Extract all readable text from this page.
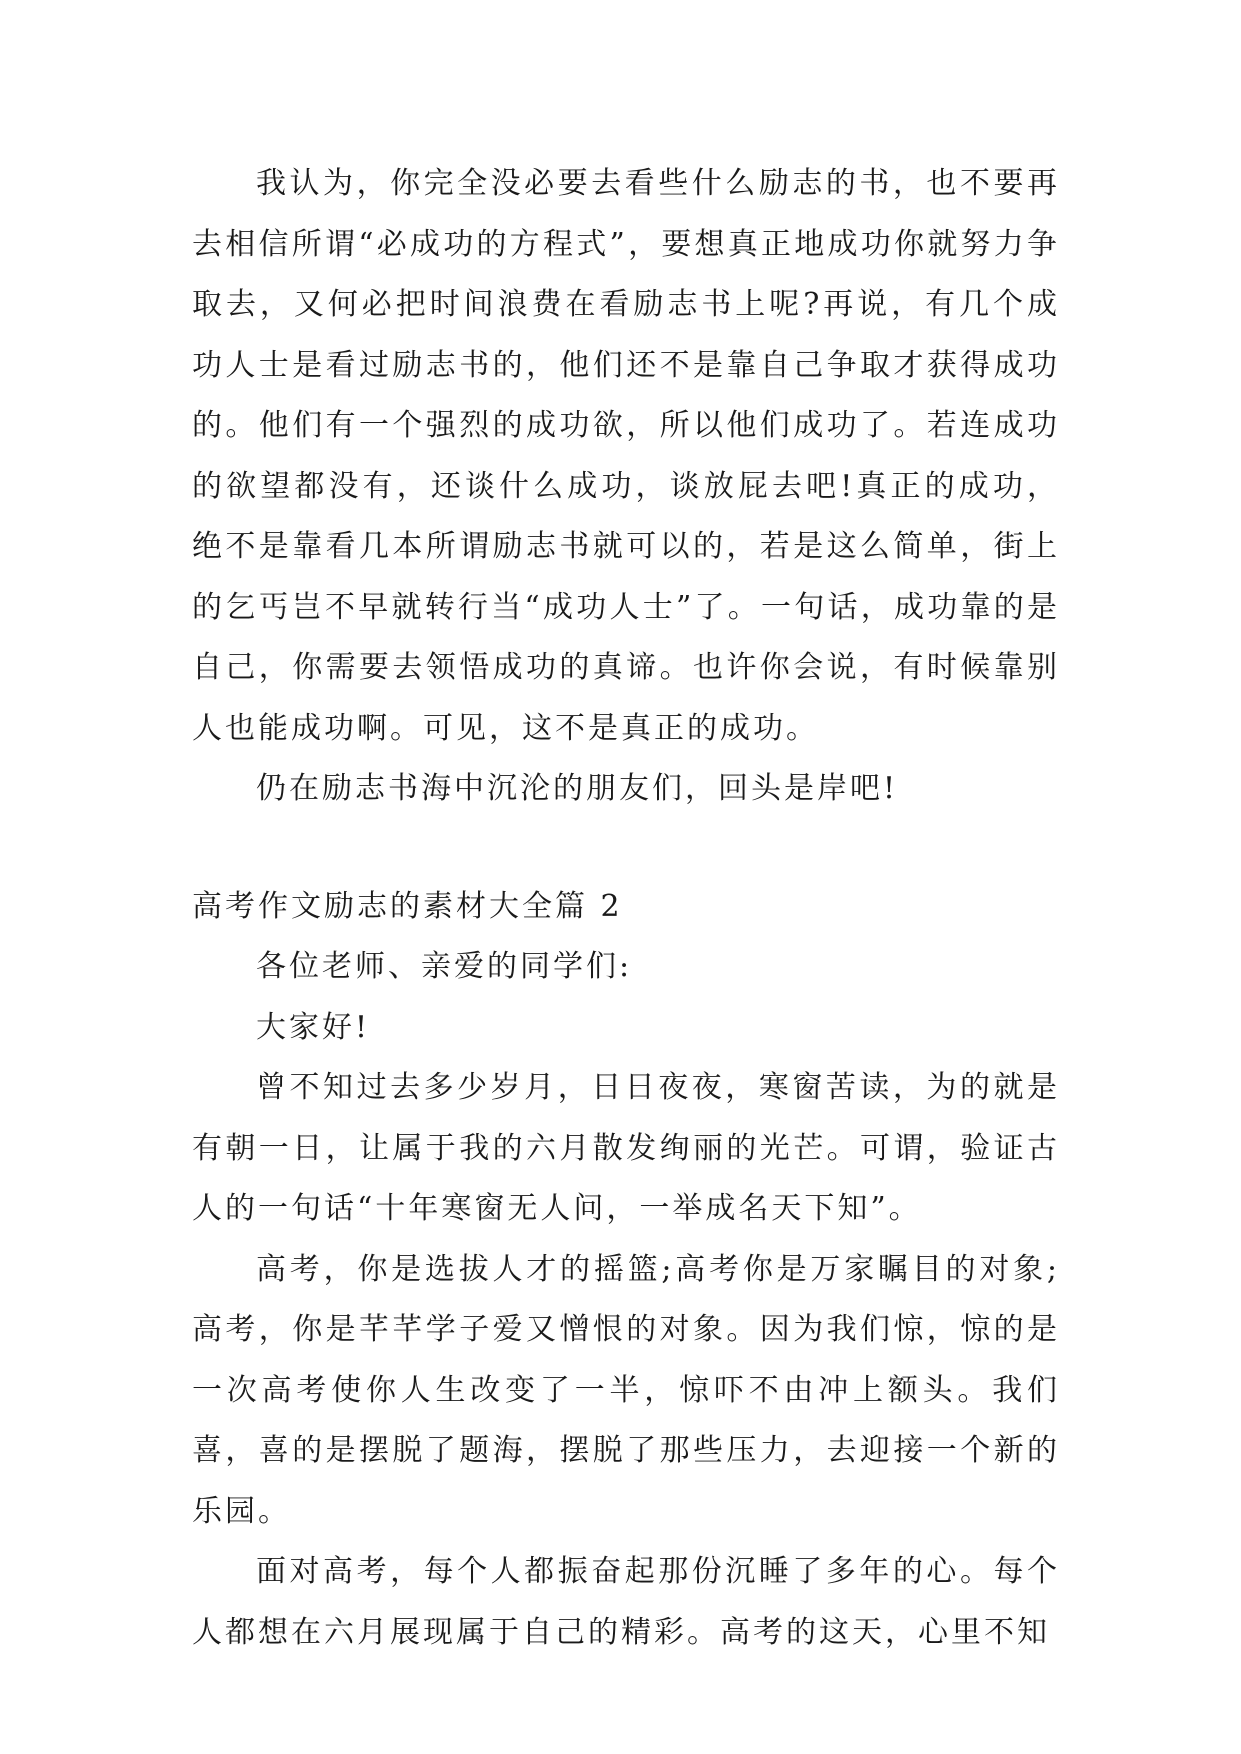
我认为，你完全没必要去看些什么励志的书，也不要再去相信所谓“必成功的方程式”，要想真正地成功你就努力争取去，又何必把时间浪费在看励志书上呢?再说，有几个成功人士是看过励志书的，他们还不是靠自己争取才获得成功的。他们有一个强烈的成功欲，所以他们成功了。若连成功的欲望都没有，还谈什么成功，谈放屁去吧!真正的成功，绝不是靠看几本所谓励志书就可以的，若是这么简单，街上的乞丐岂不早就转行当“成功人士”了。一句话，成功靠的是自己，你需要去领悟成功的真谛。也许你会说，有时候靠别人也能成功啊。可见，这不是真正的成功。

仍在励志书海中沉沦的朋友们，回头是岸吧!

高考作文励志的素材大全篇 2

各位老师、亲爱的同学们:

大家好!

曾不知过去多少岁月，日日夜夜，寒窗苦读，为的就是有朝一日，让属于我的六月散发绚丽的光芒。可谓，验证古人的一句话“十年寒窗无人问，一举成名天下知”。

高考，你是选拔人才的摇篮;高考你是万家瞩目的对象;高考，你是芊芊学子爱又憎恨的对象。因为我们惊，惊的是一次高考使你人生改变了一半，惊吓不由冲上额头。我们喜，喜的是摆脱了题海，摆脱了那些压力，去迎接一个新的乐园。

面对高考，每个人都振奋起那份沉睡了多年的心。每个人都想在六月展现属于自己的精彩。高考的这天，心里不知
